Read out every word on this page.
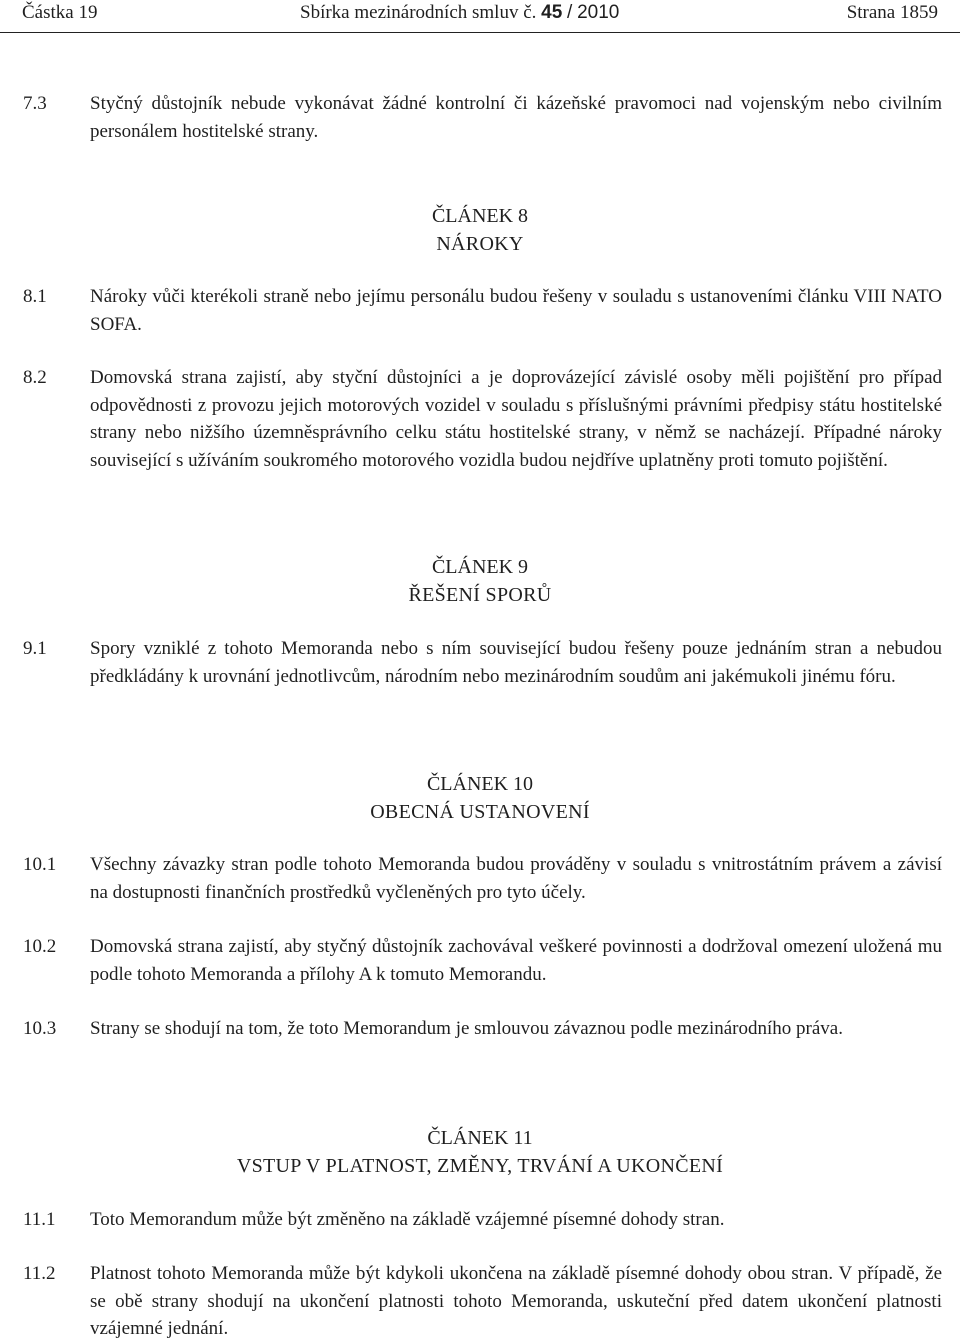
Částka 19	Sbírka mezinárodních smluv č. 45 / 2010	Strana 1859
7.3 Styčný důstojník nebude vykonávat žádné kontrolní či kázeňské pravomoci nad vojenským nebo civilním personálem hostitelské strany.
ČLÁNEK 8
NÁROKY
8.1 Nároky vůči kterékoli straně nebo jejímu personálu budou řešeny v souladu s ustanoveními článku VIII NATO SOFA.
8.2 Domovská strana zajistí, aby styční důstojníci a je doprovázející závislé osoby měli pojištění pro případ odpovědnosti z provozu jejich motorových vozidel v souladu s příslušnými právními předpisy státu hostitelské strany nebo nižšího územněsprávního celku státu hostitelské strany, v němž se nacházejí. Případné nároky související s užíváním soukromého motorového vozidla budou nejdříve uplatněny proti tomuto pojištění.
ČLÁNEK 9
ŘEŠENÍ SPORŮ
9.1 Spory vzniklé z tohoto Memoranda nebo s ním související budou řešeny pouze jednáním stran a nebudou předkládány k urovnání jednotlivcům, národním nebo mezinárodním soudům ani jakémukoli jinému fóru.
ČLÁNEK 10
OBECNÁ USTANOVENÍ
10.1 Všechny závazky stran podle tohoto Memoranda budou prováděny v souladu s vnitrostátním právem a závisí na dostupnosti finančních prostředků vyčleněných pro tyto účely.
10.2 Domovská strana zajistí, aby styčný důstojník zachovával veškeré povinnosti a dodržoval omezení uložená mu podle tohoto Memoranda a přílohy A k tomuto Memorandu.
10.3 Strany se shodují na tom, že toto Memorandum je smlouvou závaznou podle mezinárodního práva.
ČLÁNEK 11
VSTUP V PLATNOST, ZMĚNY, TRVÁNÍ A UKONČENÍ
11.1 Toto Memorandum může být změněno na základě vzájemné písemné dohody stran.
11.2 Platnost tohoto Memoranda může být kdykoli ukončena na základě písemné dohody obou stran. V případě, že se obě strany shodují na ukončení platnosti tohoto Memoranda, uskuteční před datem ukončení platnosti vzájemné jednání.
